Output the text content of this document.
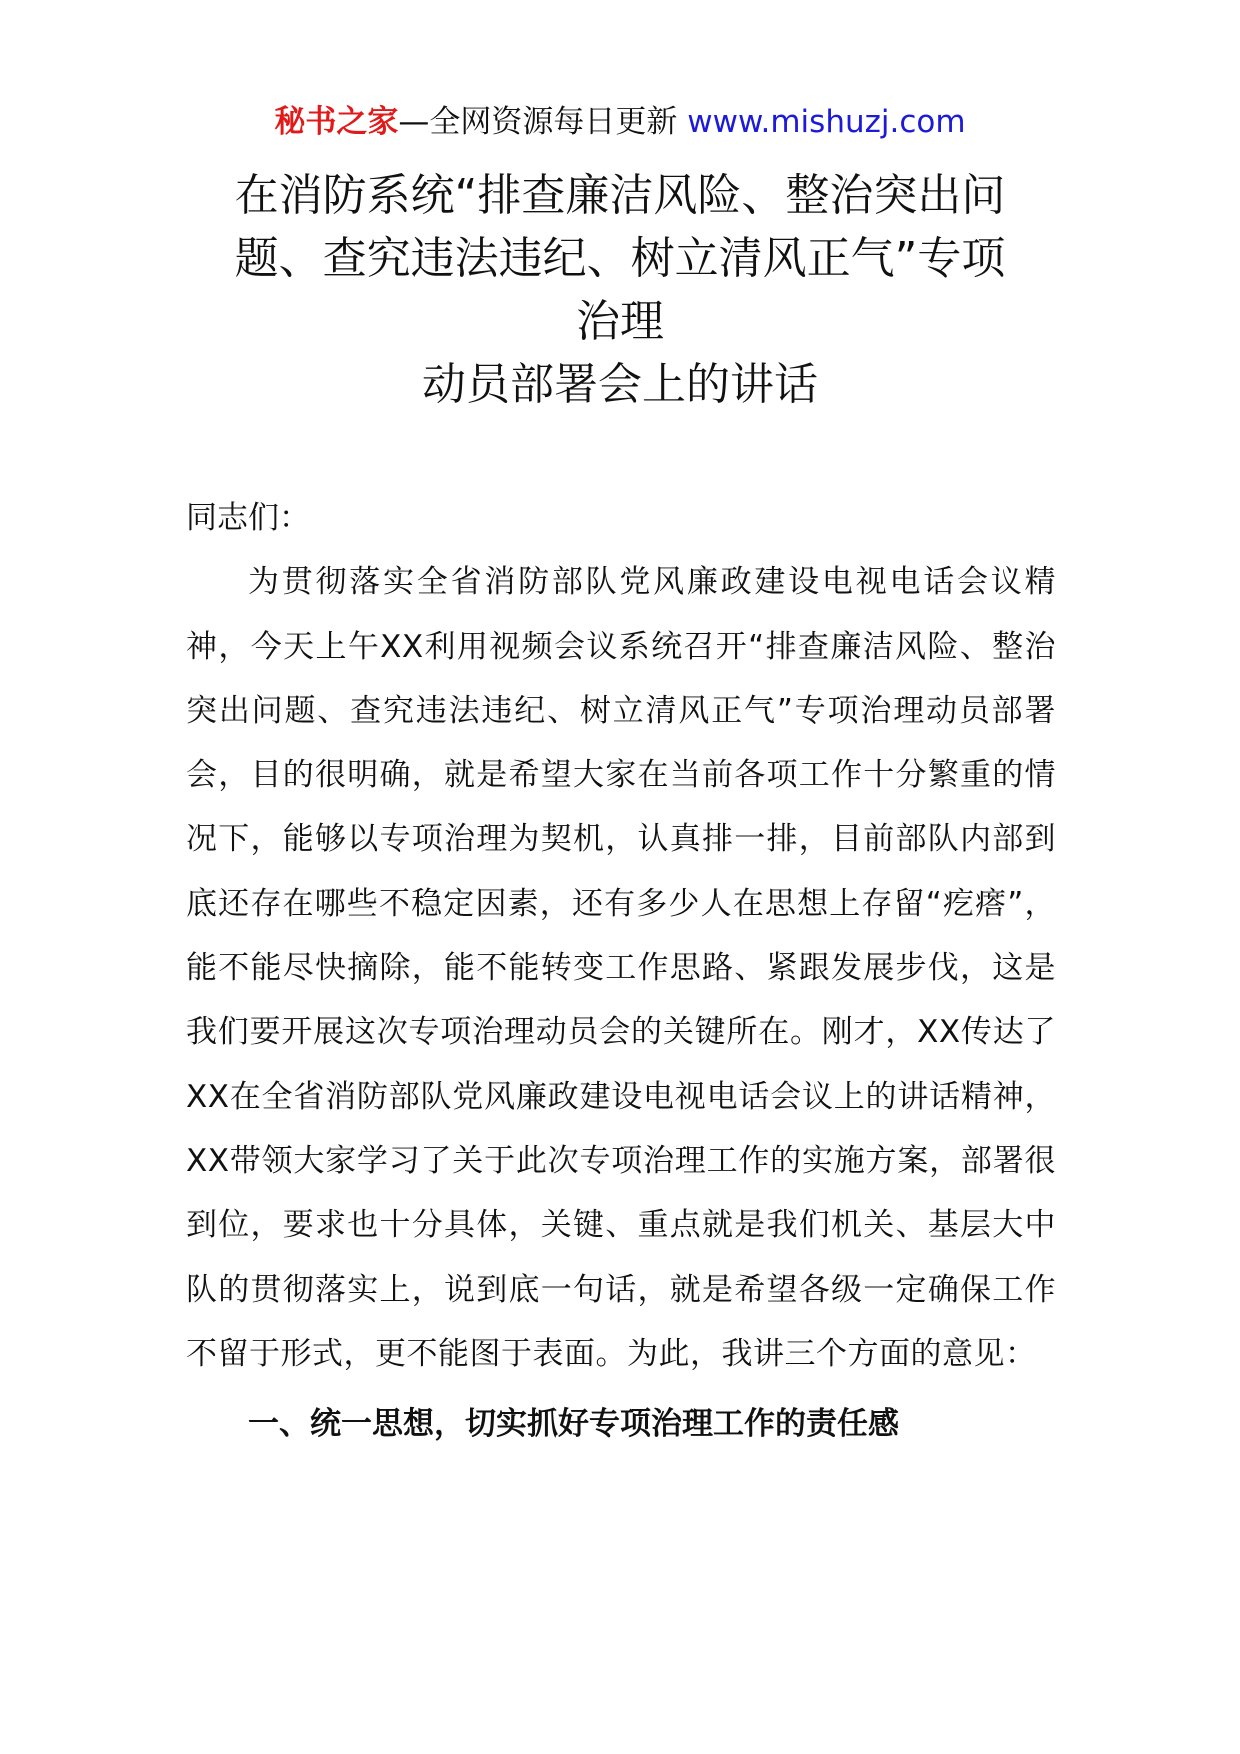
秘书之家—全网资源每日更新 www.mishuzj.com
在消防系统“排查廉洁风险、整治突出问
题、查究违法违纪、树立清风正气”专项
治理
动员部署会上的讲话

同志们：

为贯彻落实全省消防部队党风廉政建设电视电话会议精神，今天上午XX利用视频会议系统召开“排查廉洁风险、整治突出问题、查究违法违纪、树立清风正气”专项治理动员部署会，目的很明确，就是希望大家在当前各项工作十分繁重的情况下，能够以专项治理为契机，认真排一排，目前部队内部到底还存在哪些不稳定因素，还有多少人在思想上存留“疙瘩”，能不能尽快摘除，能不能转变工作思路、紧跟发展步伐，这是我们要开展这次专项治理动员会的关键所在。刚才，XX传达了XX在全省消防部队党风廉政建设电视电话会议上的讲话精神，XX带领大家学习了关于此次专项治理工作的实施方案，部署很到位，要求也十分具体，关键、重点就是我们机关、基层大中队的贯彻落实上，说到底一句话，就是希望各级一定确保工作不留于形式，更不能图于表面。为此，我讲三个方面的意见：

一、统一思想，切实抓好专项治理工作的责任感
